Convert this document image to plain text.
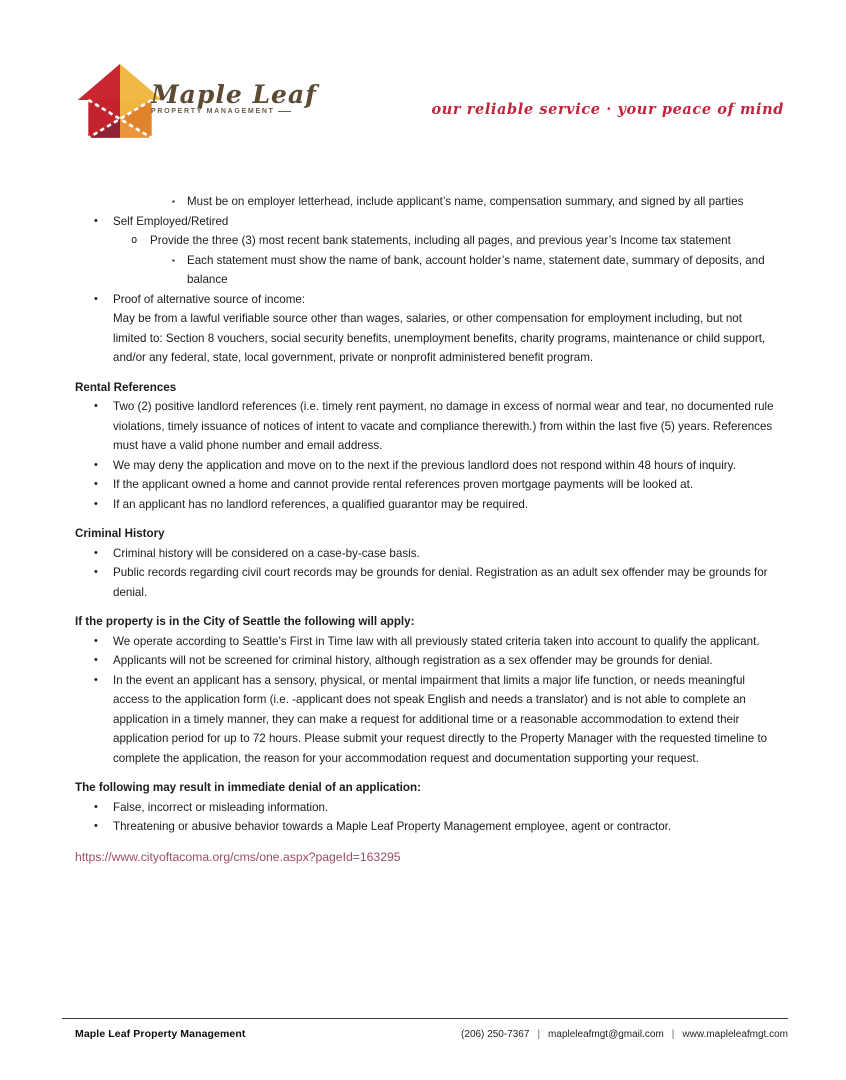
Maple Leaf
PROPERTY MANAGEMENT	our reliable service · your peace of mind
▪	Must be on employer letterhead, include applicant’s name, compensation summary, and signed by all parties
•	Self Employed/Retired
o	Provide the three (3) most recent bank statements, including all pages, and previous year’s Income tax statement
▪	Each statement must show the name of bank, account holder’s name, statement date, summary of deposits, and balance
•	Proof of alternative source of income:
May be from a lawful verifiable source other than wages, salaries, or other compensation for employment including, but not limited to: Section 8 vouchers, social security benefits, unemployment benefits, charity programs, maintenance or child support, and/or any federal, state, local government, private or nonprofit administered benefit program.
Rental References
•	Two (2) positive landlord references (i.e. timely rent payment, no damage in excess of normal wear and tear, no documented rule violations, timely issuance of notices of intent to vacate and compliance therewith.) from within the last five (5) years. References must have a valid phone number and email address.
•	We may deny the application and move on to the next if the previous landlord does not respond within 48 hours of inquiry.
•	If the applicant owned a home and cannot provide rental references proven mortgage payments will be looked at.
•	If an applicant has no landlord references, a qualified guarantor may be required.
Criminal History
•	Criminal history will be considered on a case-by-case basis.
•	Public records regarding civil court records may be grounds for denial. Registration as an adult sex offender may be grounds for denial.
If the property is in the City of Seattle the following will apply:
•	We operate according to Seattle’s First in Time law with all previously stated criteria taken into account to qualify the applicant.
•	Applicants will not be screened for criminal history, although registration as a sex offender may be grounds for denial.
•	In the event an applicant has a sensory, physical, or mental impairment that limits a major life function, or needs meaningful access to the application form (i.e. -applicant does not speak English and needs a translator) and is not able to complete an application in a timely manner, they can make a request for additional time or a reasonable accommodation to extend their application period for up to 72 hours. Please submit your request directly to the Property Manager with the requested timeline to complete the application, the reason for your accommodation request and documentation supporting your request.
The following may result in immediate denial of an application:
•	False, incorrect or misleading information.
•	Threatening or abusive behavior towards a Maple Leaf Property Management employee, agent or contractor.
https://www.cityoftacoma.org/cms/one.aspx?pageId=163295
Maple Leaf Property Management	(206) 250-7367 | mapleleafmgt@gmail.com | www.mapleleafmgt.com
